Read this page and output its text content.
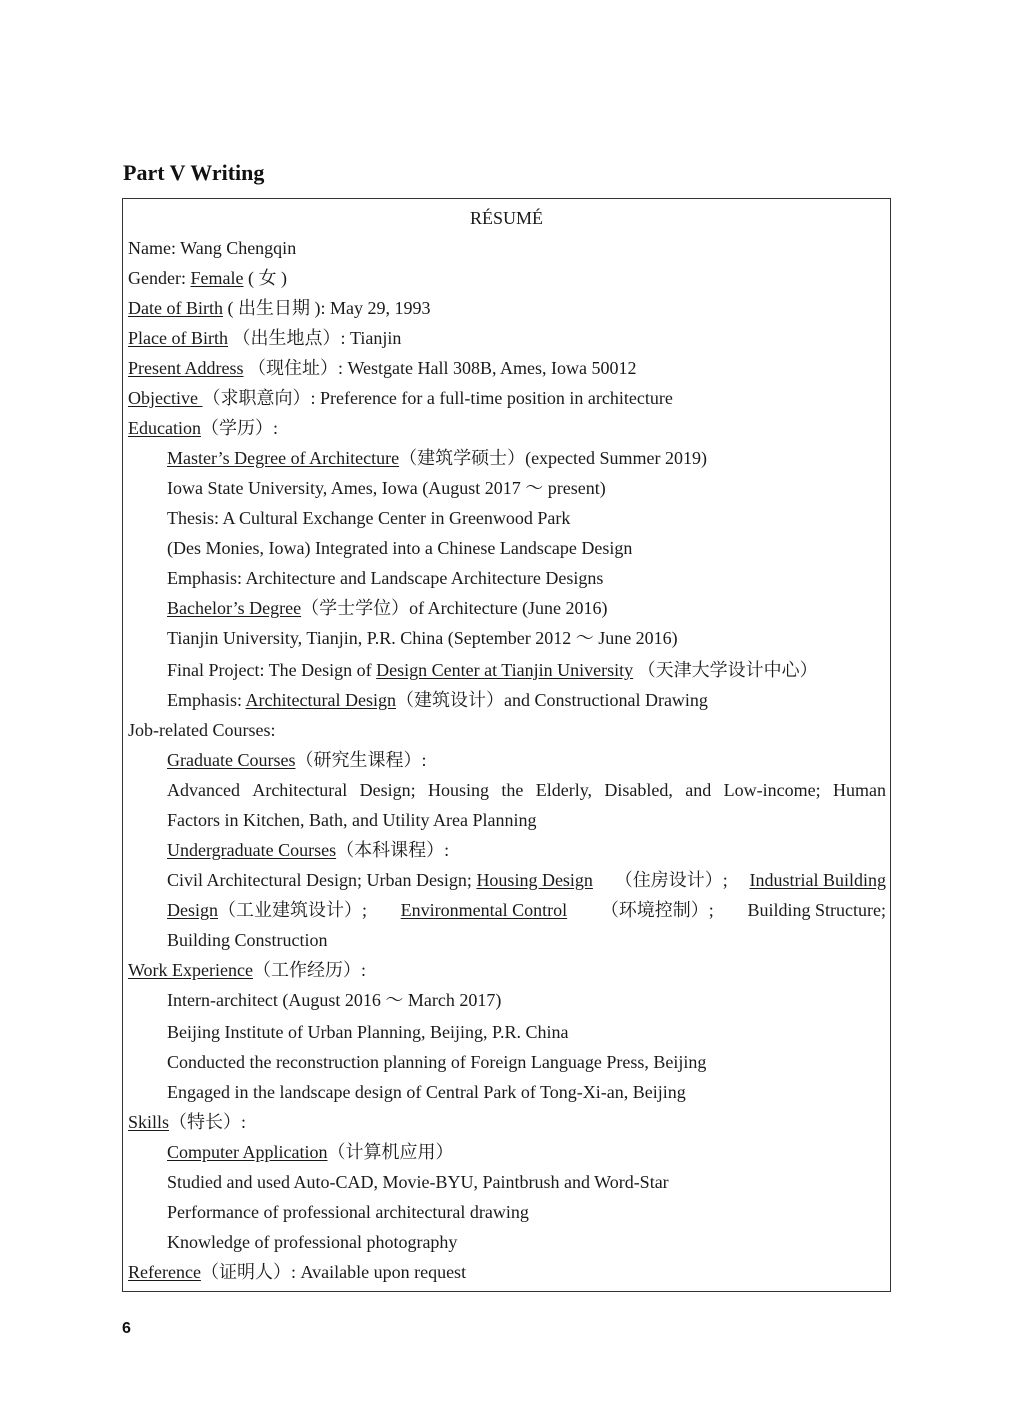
Part V Writing
RÉSUMÉ
Name: Wang Chengqin
Gender: Female ( 女 )
Date of Birth ( 出生日期 ): May 29, 1993
Place of Birth （出生地点）: Tianjin
Present Address （现住址）: Westgate Hall 308B, Ames, Iowa 50012
Objective （求职意向）: Preference for a full-time position in architecture
Education（学历）:
Master’s Degree of Architecture（建筑学硕士）(expected Summer 2019)
Iowa State University, Ames, Iowa (August 2017 ～ present)
Thesis: A Cultural Exchange Center in Greenwood Park
(Des Monies, Iowa) Integrated into a Chinese Landscape Design
Emphasis: Architecture and Landscape Architecture Designs
Bachelor’s Degree（学士学位）of Architecture (June 2016)
Tianjin University, Tianjin, P.R. China (September 2012 ～ June 2016)
Final Project: The Design of Design Center at Tianjin University （天津大学设计中心）
Emphasis: Architectural Design（建筑设计）and Constructional Drawing
Job-related Courses:
Graduate Courses（研究生课程）:
Advanced Architectural Design; Housing the Elderly, Disabled, and Low-income; Human
Factors in Kitchen, Bath, and Utility Area Planning
Undergraduate Courses（本科课程）:
Civil Architectural Design; Urban Design; Housing Design （住房设计）; Industrial Building
Design（工业建筑设计）; Environmental Control （环境控制）; Building Structure;
Building Construction
Work Experience（工作经历）:
Intern-architect (August 2016 ～ March 2017)
Beijing Institute of Urban Planning, Beijing, P.R. China
Conducted the reconstruction planning of Foreign Language Press, Beijing
Engaged in the landscape design of Central Park of Tong-Xi-an, Beijing
Skills（特长）:
Computer Application（计算机应用）
Studied and used Auto-CAD, Movie-BYU, Paintbrush and Word-Star
Performance of professional architectural drawing
Knowledge of professional photography
Reference（证明人）: Available upon request
6
